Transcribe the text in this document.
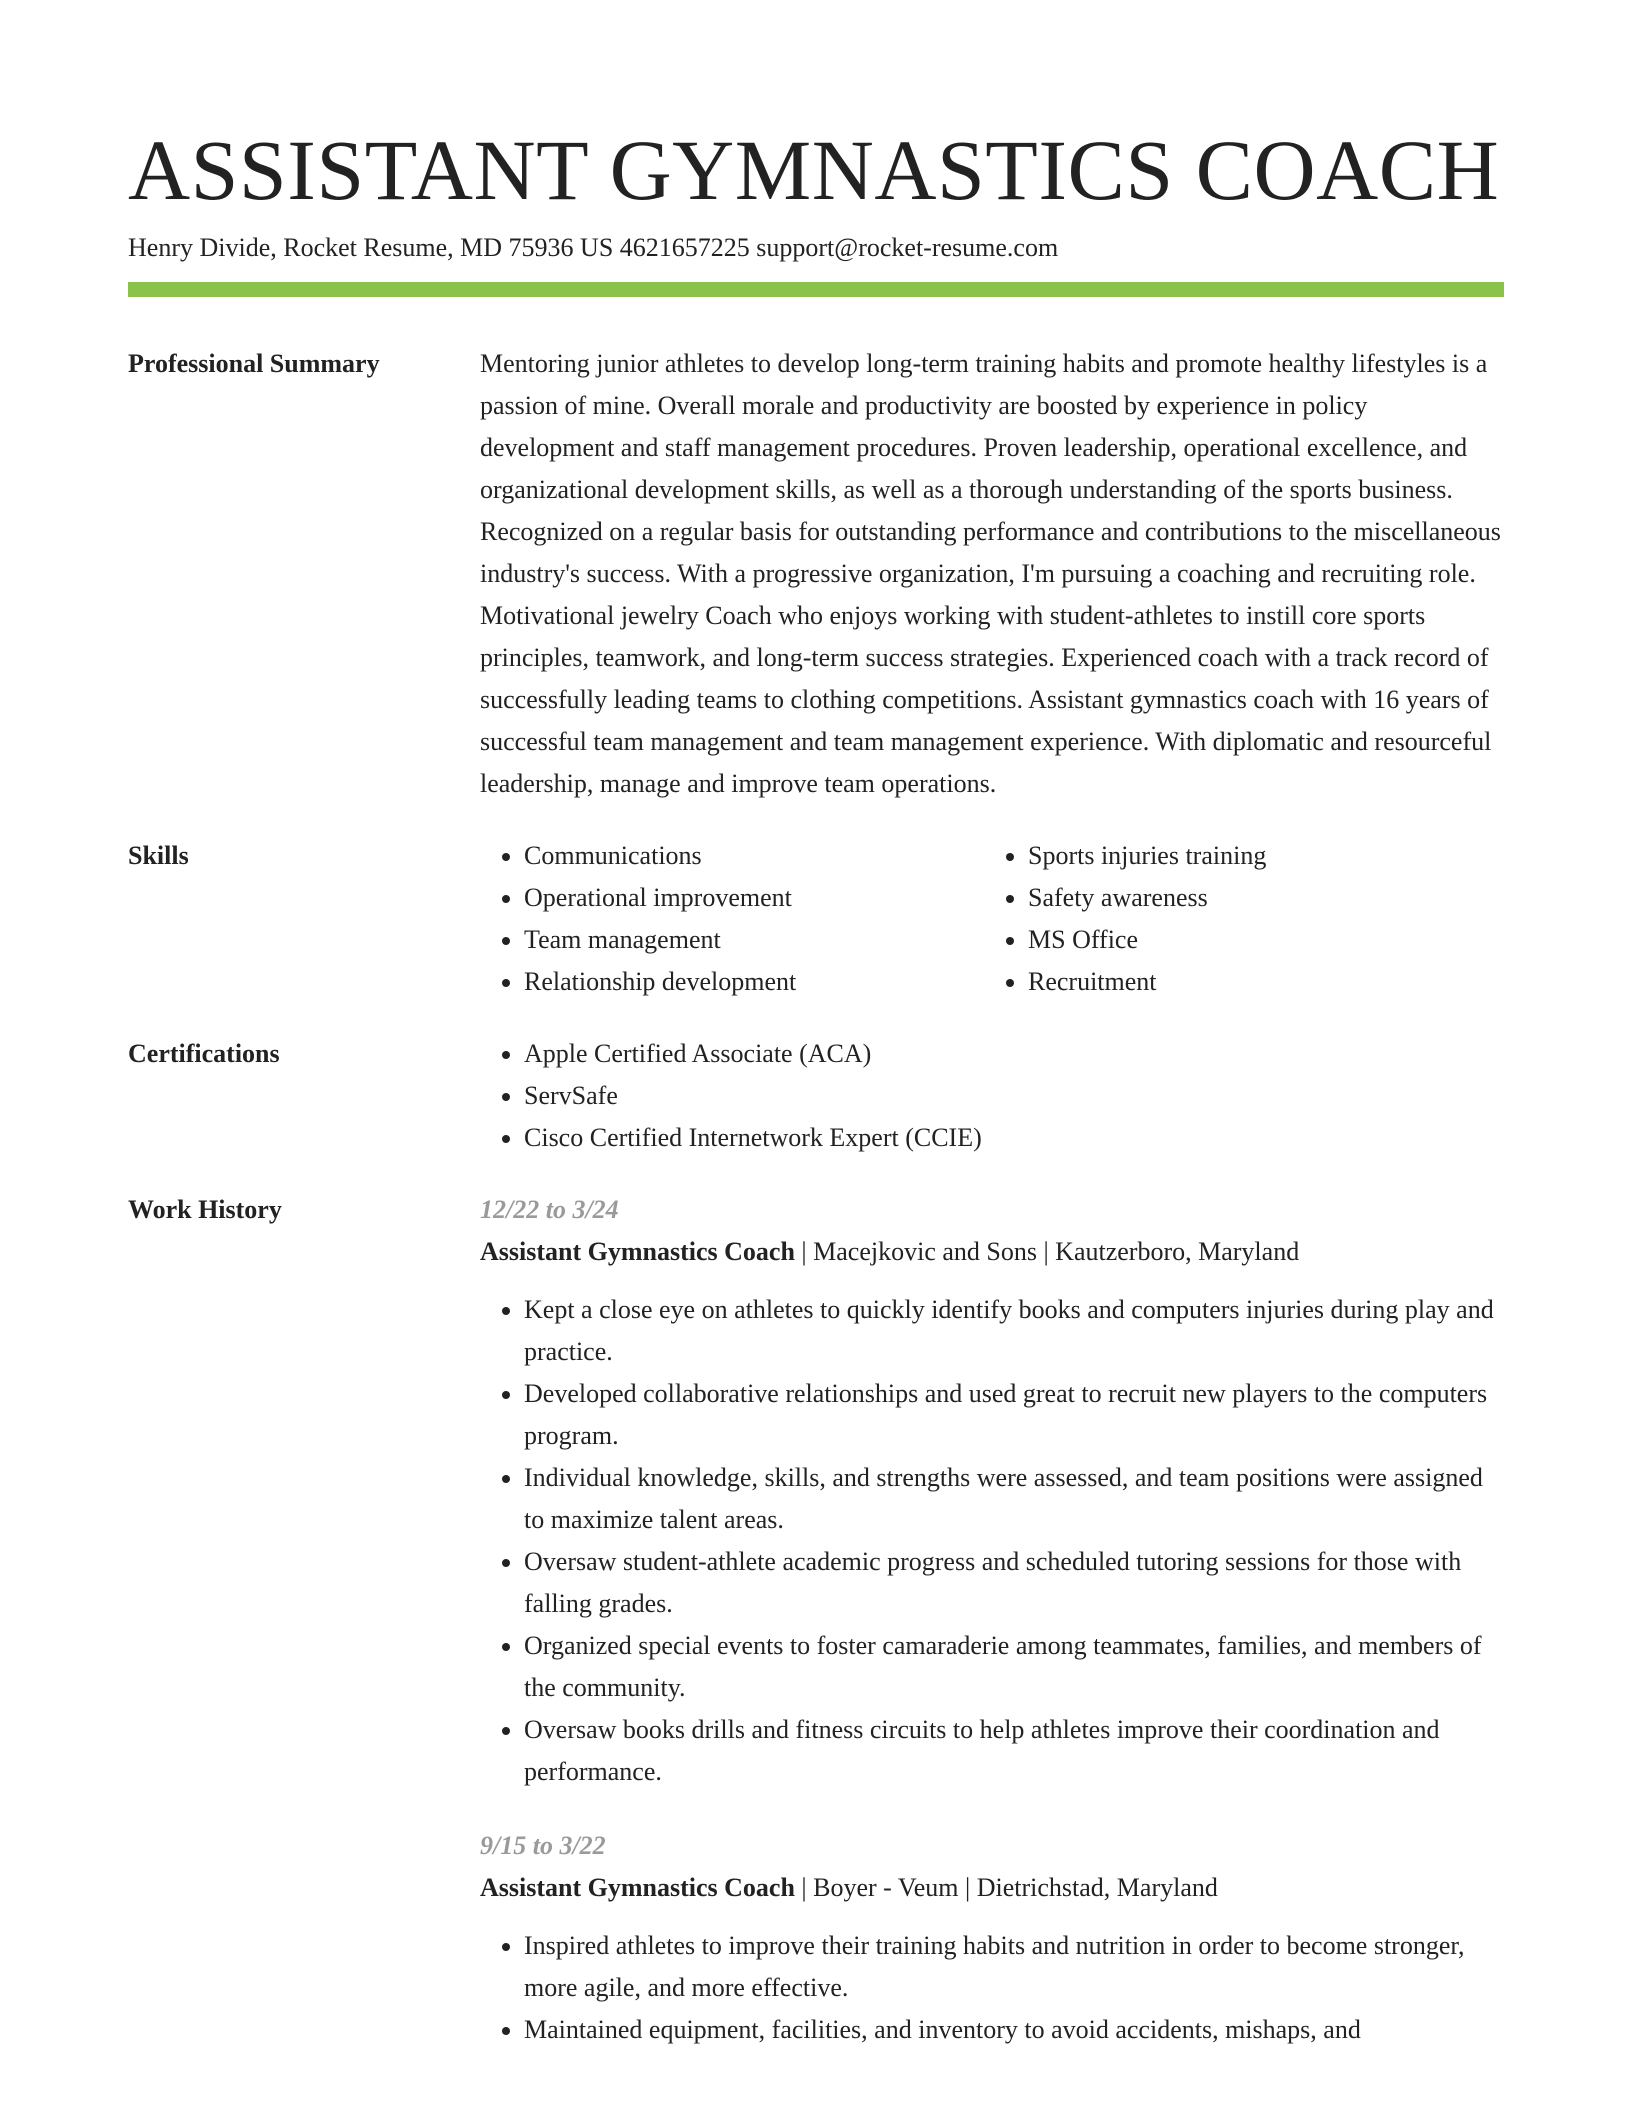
ASSISTANT GYMNASTICS COACH
Henry Divide, Rocket Resume, MD 75936 US 4621657225 support@rocket-resume.com
Professional Summary	Mentoring junior athletes to develop long-term training habits and promote healthy lifestyles is a passion of mine. Overall morale and productivity are boosted by experience in policy development and staff management procedures. Proven leadership, operational excellence, and organizational development skills, as well as a thorough understanding of the sports business. Recognized on a regular basis for outstanding performance and contributions to the miscellaneous industry's success. With a progressive organization, I'm pursuing a coaching and recruiting role. Motivational jewelry Coach who enjoys working with student-athletes to instill core sports principles, teamwork, and long-term success strategies. Experienced coach with a track record of successfully leading teams to clothing competitions. Assistant gymnastics coach with 16 years of successful team management and team management experience. With diplomatic and resourceful leadership, manage and improve team operations.

Skills	• Communications
• Operational improvement
• Team management
• Relationship development
• Sports injuries training
• Safety awareness
• MS Office
• Recruitment
Certifications	• Apple Certified Associate (ACA)
• ServSafe
• Cisco Certified Internetwork Expert (CCIE)
Work History	12/22 to 3/24
Assistant Gymnastics Coach | Macejkovic and Sons | Kautzerboro, Maryland
• Kept a close eye on athletes to quickly identify books and computers injuries during play and practice.
• Developed collaborative relationships and used great to recruit new players to the computers program.
• Individual knowledge, skills, and strengths were assessed, and team positions were assigned to maximize talent areas.
• Oversaw student-athlete academic progress and scheduled tutoring sessions for those with falling grades.
• Organized special events to foster camaraderie among teammates, families, and members of the community.
• Oversaw books drills and fitness circuits to help athletes improve their coordination and performance.
9/15 to 3/22
Assistant Gymnastics Coach | Boyer - Veum | Dietrichstad, Maryland
• Inspired athletes to improve their training habits and nutrition in order to become stronger, more agile, and more effective.
• Maintained equipment, facilities, and inventory to avoid accidents, mishaps, and
